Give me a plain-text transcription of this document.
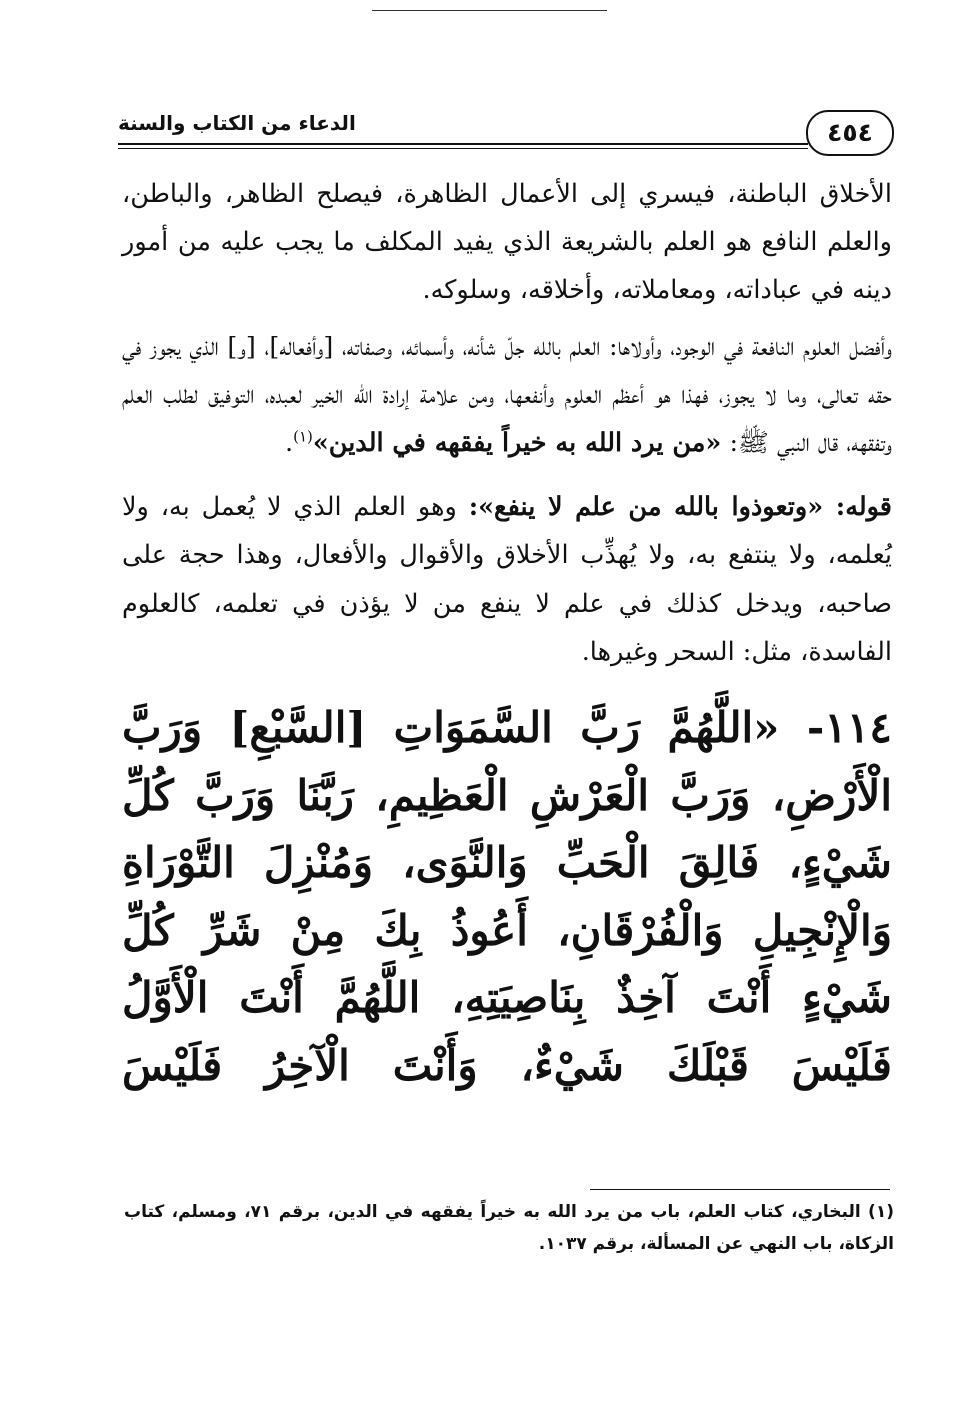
الدعاء من الكتاب والسنة	٤٥٤

الأخلاق الباطنة، فيسري إلى الأعمال الظاهرة، فيصلح الظاهر، والباطن، والعلم النافع هو العلم بالشريعة الذي يفيد المكلف ما يجب عليه من أمور دينه في عباداته، ومعاملاته، وأخلاقه، وسلوكه.

وأفضل العلوم النافعة في الوجود، وأولاها: العلم بالله جلّ شأنه، وأسمائه، وصفاته، [وأفعاله]، [و] الذي يجوز في حقه تعالى، وما لا يجوز، فهذا هو أعظم العلوم وأنفعها، ومن علامة إرادة الله الخير لعبده، التوفيق لطلب العلم وتفقهه، قال النبي ﷺ: «من يرد الله به خيراً يفقهه في الدين»$^{(١)}$.

قوله: «وتعوذوا بالله من علم لا ينفع»: وهو العلم الذي لا يُعمل به، ولا يُعلمه، ولا ينتفع به، ولا يُهذِّب الأخلاق والأقوال والأفعال، وهذا حجة على صاحبه، ويدخل كذلك في علم لا ينفع من لا يؤذن في تعلمه، كالعلوم الفاسدة، مثل: السحر وغيرها.

١١٤- «اللَّهُمَّ رَبَّ السَّمَوَاتِ [السَّبْعِ] وَرَبَّ الْأَرْضِ، وَرَبَّ الْعَرْشِ الْعَظِيمِ، رَبَّنَا وَرَبَّ كُلِّ شَيْءٍ، فَالِقَ الْحَبِّ وَالنَّوَى، وَمُنْزِلَ التَّوْرَاةِ وَالْإِنْجِيلِ وَالْفُرْقَانِ، أَعُوذُ بِكَ مِنْ شَرِّ كُلِّ شَيْءٍ أَنْتَ آخِذٌ بِنَاصِيَتِهِ، اللَّهُمَّ أَنْتَ الْأَوَّلُ فَلَيْسَ قَبْلَكَ شَيْءٌ، وَأَنْتَ الْآخِرُ فَلَيْسَ

(١) البخاري، كتاب العلم، باب من يرد الله به خيراً يفقهه في الدين، برقم ٧١، ومسلم، كتاب الزكاة، باب النهي عن المسألة، برقم ١٠٣٧.
